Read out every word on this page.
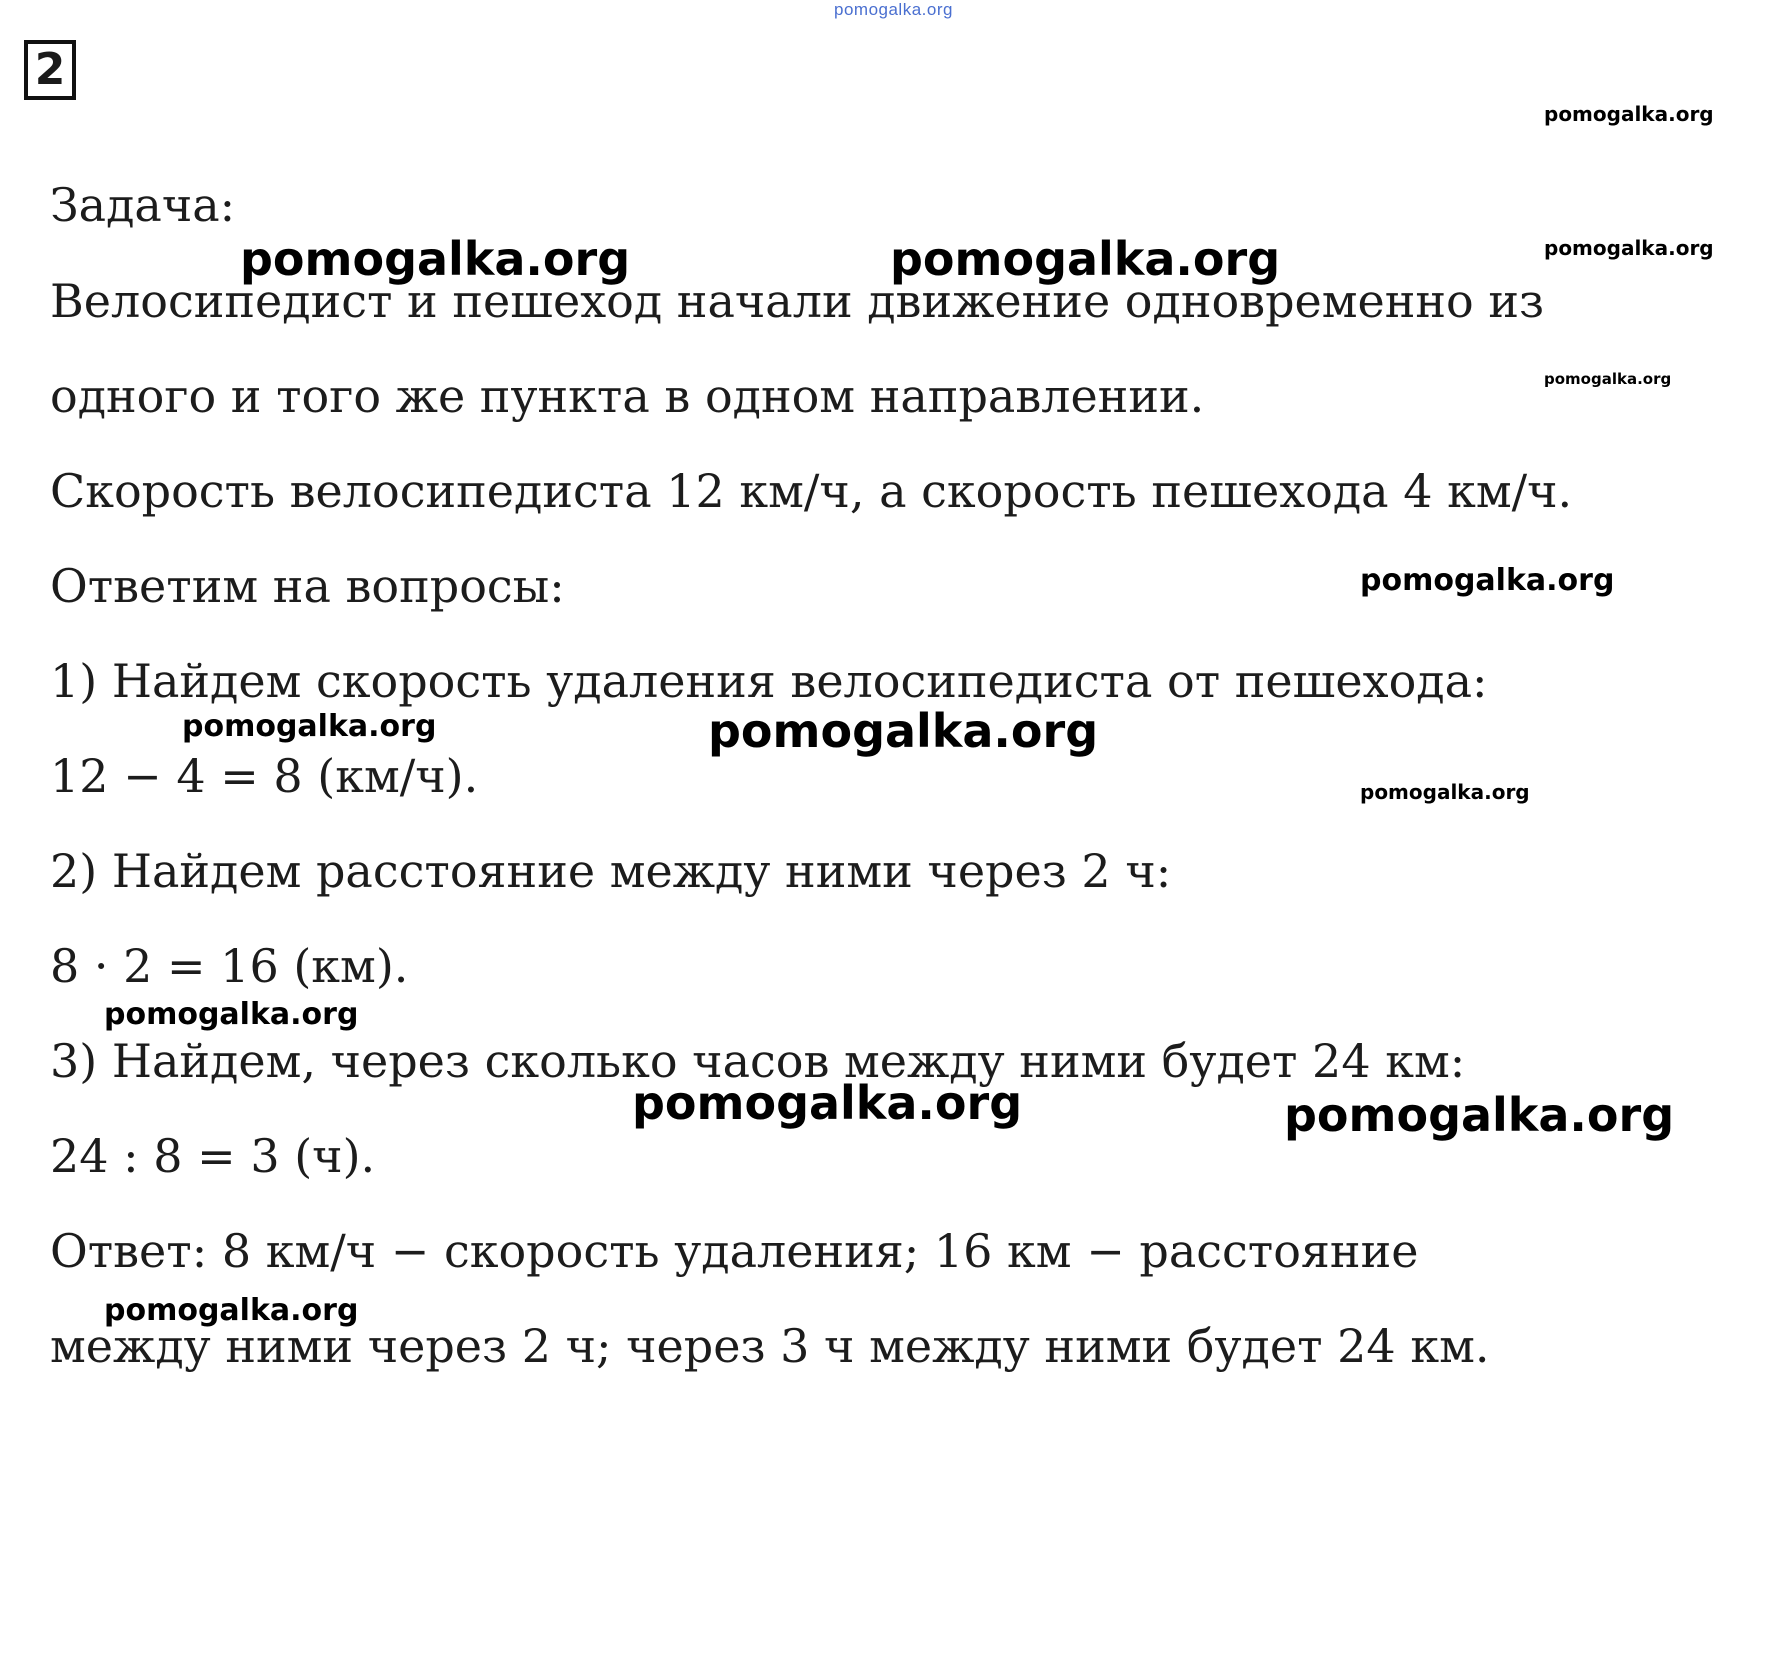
pomogalka.org
2
Задача:
Велосипедист и пешеход начали движение одновременно из
одного и того же пункта в одном направлении.
Скорость велосипедиста 12 км/ч, а скорость пешехода 4 км/ч.
Ответим на вопросы:
1) Найдем скорость удаления велосипедиста от пешехода:
12 − 4 = 8 (км/ч).
2) Найдем расстояние между ними через 2 ч:
8 · 2 = 16 (км).
3) Найдем, через сколько часов между ними будет 24 км:
24 : 8 = 3 (ч).
Ответ: 8 км/ч − скорость удаления; 16 км − расстояние
между ними через 2 ч; через 3 ч между ними будет 24 км.
pomogalka.org
pomogalka.org
pomogalka.org	pomogalka.org
pomogalka.org
pomogalka.org
pomogalka.org	pomogalka.org
pomogalka.org
pomogalka.org
pomogalka.org	pomogalka.org
pomogalka.org
